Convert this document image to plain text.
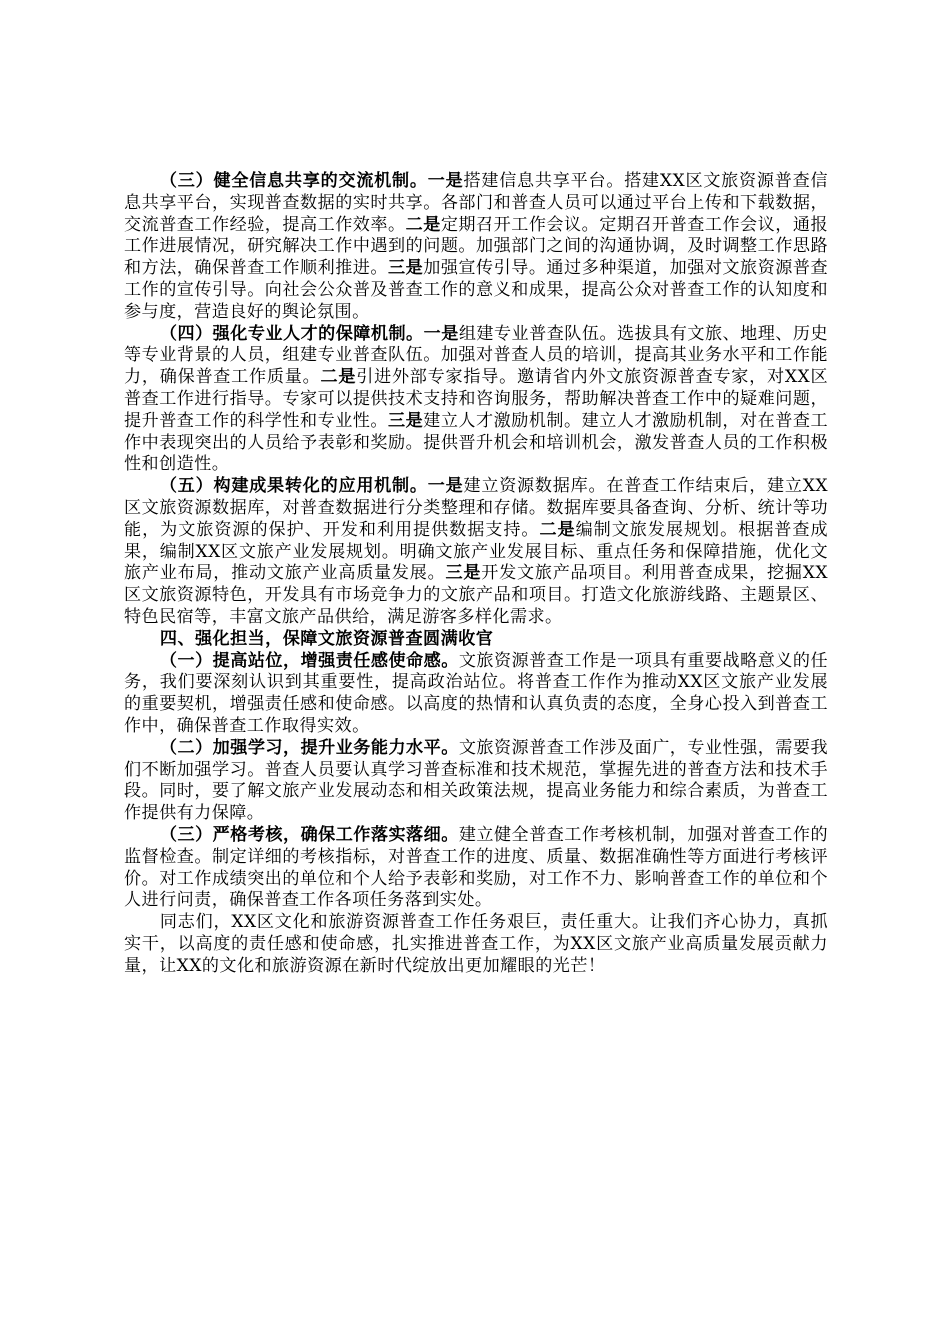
（三）健全信息共享的交流机制。一是搭建信息共享平台。搭建XX区文旅资源普查信息共享平台，实现普查数据的实时共享。各部门和普查人员可以通过平台上传和下载数据，交流普查工作经验，提高工作效率。二是定期召开工作会议。定期召开普查工作会议，通报工作进展情况，研究解决工作中遇到的问题。加强部门之间的沟通协调，及时调整工作思路和方法，确保普查工作顺利推进。三是加强宣传引导。通过多种渠道，加强对文旅资源普查工作的宣传引导。向社会公众普及普查工作的意义和成果，提高公众对普查工作的认知度和参与度，营造良好的舆论氛围。

（四）强化专业人才的保障机制。一是组建专业普查队伍。选拔具有文旅、地理、历史等专业背景的人员，组建专业普查队伍。加强对普查人员的培训，提高其业务水平和工作能力，确保普查工作质量。二是引进外部专家指导。邀请省内外文旅资源普查专家，对XX区普查工作进行指导。专家可以提供技术支持和咨询服务，帮助解决普查工作中的疑难问题，提升普查工作的科学性和专业性。三是建立人才激励机制。建立人才激励机制，对在普查工作中表现突出的人员给予表彰和奖励。提供晋升机会和培训机会，激发普查人员的工作积极性和创造性。

（五）构建成果转化的应用机制。一是建立资源数据库。在普查工作结束后，建立XX区文旅资源数据库，对普查数据进行分类整理和存储。数据库要具备查询、分析、统计等功能，为文旅资源的保护、开发和利用提供数据支持。二是编制文旅发展规划。根据普查成果，编制XX区文旅产业发展规划。明确文旅产业发展目标、重点任务和保障措施，优化文旅产业布局，推动文旅产业高质量发展。三是开发文旅产品项目。利用普查成果，挖掘XX区文旅资源特色，开发具有市场竞争力的文旅产品和项目。打造文化旅游线路、主题景区、特色民宿等，丰富文旅产品供给，满足游客多样化需求。

四、强化担当，保障文旅资源普查圆满收官

（一）提高站位，增强责任感使命感。文旅资源普查工作是一项具有重要战略意义的任务，我们要深刻认识到其重要性，提高政治站位。将普查工作作为推动XX区文旅产业发展的重要契机，增强责任感和使命感。以高度的热情和认真负责的态度，全身心投入到普查工作中，确保普查工作取得实效。

（二）加强学习，提升业务能力水平。文旅资源普查工作涉及面广，专业性强，需要我们不断加强学习。普查人员要认真学习普查标准和技术规范，掌握先进的普查方法和技术手段。同时，要了解文旅产业发展动态和相关政策法规，提高业务能力和综合素质，为普查工作提供有力保障。

（三）严格考核，确保工作落实落细。建立健全普查工作考核机制，加强对普查工作的监督检查。制定详细的考核指标，对普查工作的进度、质量、数据准确性等方面进行考核评价。对工作成绩突出的单位和个人给予表彰和奖励，对工作不力、影响普查工作的单位和个人进行问责，确保普查工作各项任务落到实处。

同志们，XX区文化和旅游资源普查工作任务艰巨，责任重大。让我们齐心协力，真抓实干，以高度的责任感和使命感，扎实推进普查工作，为XX区文旅产业高质量发展贡献力量，让XX的文化和旅游资源在新时代绽放出更加耀眼的光芒！
